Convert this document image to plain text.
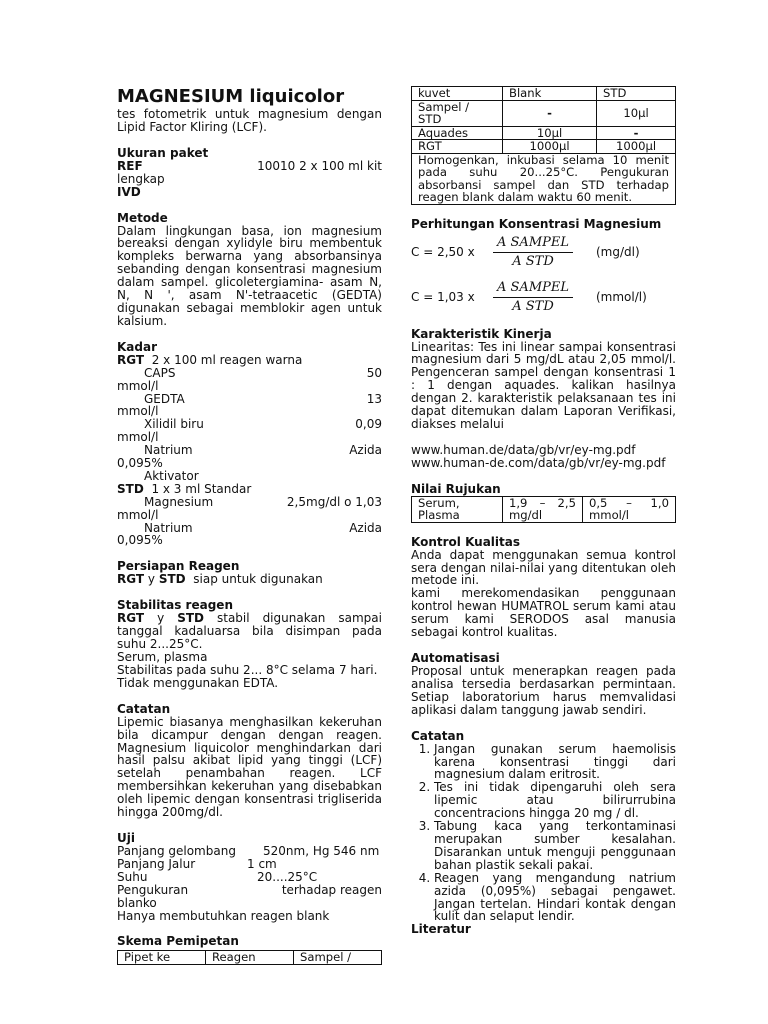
MAGNESIUM liquicolor

tes fotometrik untuk magnesium dengan Lipid Factor Kliring (LCF).

Ukuran paket
REF	10010 2 x 100 ml kit

lengkap

IVD
Metode

Dalam lingkungan basa, ion magnesium bereaksi dengan xylidyle biru membentuk kompleks berwarna yang absorbansinya sebanding dengan konsentrasi magnesium dalam sampel. glicoletergiamina- asam N, N, N ', asam N'-tetraacetic (GEDTA) digunakan sebagai memblokir agen untuk kalsium.

Kadar

RGT 2 x 100 ml reagen warna

CAPS	50

mmol/l

GEDTA	13

mmol/l

Xilidil biru	0,09

mmol/l

Natrium	Azida

0,095%

Aktivator

STD 1 x 3 ml Standar

Magnesium	2,5mg/dl o 1,03

mmol/l

Natrium	Azida

0,095%

Persiapan Reagen

RGT y STD siap untuk digunakan

Stabilitas reagen

RGT y STD stabil digunakan sampai tanggal kadaluarsa bila disimpan pada suhu 2...25°C.

Serum, plasma

Stabilitas pada suhu 2... 8°C selama 7 hari.

Tidak menggunakan EDTA.

Catatan

Lipemic biasanya menghasilkan kekeruhan bila dicampur dengan dengan reagen. Magnesium liquicolor menghindarkan dari hasil palsu akibat lipid yang tinggi (LCF) setelah penambahan reagen. LCF membersihkan kekeruhan yang disebabkan oleh lipemic dengan konsentrasi trigliserida hingga 200mg/dl.

Uji
Panjang gelombang	520nm, Hg 546 nm
Panjang Jalur	1 cm
Suhu	20....25°C
Pengukuran	terhadap reagen

blanko

Hanya membutuhkan reagen blank

Skema Pemipetan
Pipet ke	Reagen	Sampel /
kuvet	Blank	STD
Sampel / STD	-	10µl
Aquades	10µl	-
RGT	1000µl	1000µl
Homogenkan, inkubasi selama 10 menit pada suhu 20...25°C. Pengukuran absorbansi sampel dan STD terhadap reagen blank dalam waktu 60 menit.		
Perhitungan Konsentrasi Magnesium
C = 2,50 x	$\frac{\text{A SAMPEL}}{\text{A STD}} (mg/dl)$
C = 1,03 x	$\frac{\text{A SAMPEL}}{\text{A STD}}$ (mmol/l)
Karakteristik Kinerja

Linearitas: Tes ini linear sampai konsentrasi magnesium dari 5 mg/dL atau 2,05 mmol/l. Pengenceran sampel dengan konsentrasi 1 : 1 dengan aquades. kalikan hasilnya dengan 2. karakteristik pelaksanaan tes ini dapat ditemukan dalam Laporan Verifikasi, diakses melalui

www.human.de/data/gb/vr/ey-mg.pdf

www.human-de.com/data/gb/vr/ey-mg.pdf

Nilai Rujukan
Serum, Plasma	1,9 – 2,5 mg/dl	0,5 – 1,0 mmol/l
Kontrol Kualitas

Anda dapat menggunakan semua kontrol sera dengan nilai-nilai yang ditentukan oleh metode ini.

kami merekomendasikan penggunaan kontrol hewan HUMATROL serum kami atau serum kami SERODOS asal manusia sebagai kontrol kualitas.

Automatisasi

Proposal untuk menerapkan reagen pada analisa tersedia berdasarkan permintaan. Setiap laboratorium harus memvalidasi aplikasi dalam tanggung jawab sendiri.

Catatan
1. Jangan gunakan serum haemolisis karena konsentrasi tinggi dari magnesium dalam eritrosit.
2. Tes ini tidak dipengaruhi oleh sera lipemic atau bilirurrubina concentracions hingga 20 mg / dl.
3. Tabung kaca yang terkontaminasi merupakan sumber kesalahan. Disarankan untuk menguji penggunaan bahan plastik sekali pakai.
4. Reagen yang mengandung natrium azida (0,095%) sebagai pengawet. Jangan tertelan. Hindari kontak dengan kulit dan selaput lendir.
Literatur
